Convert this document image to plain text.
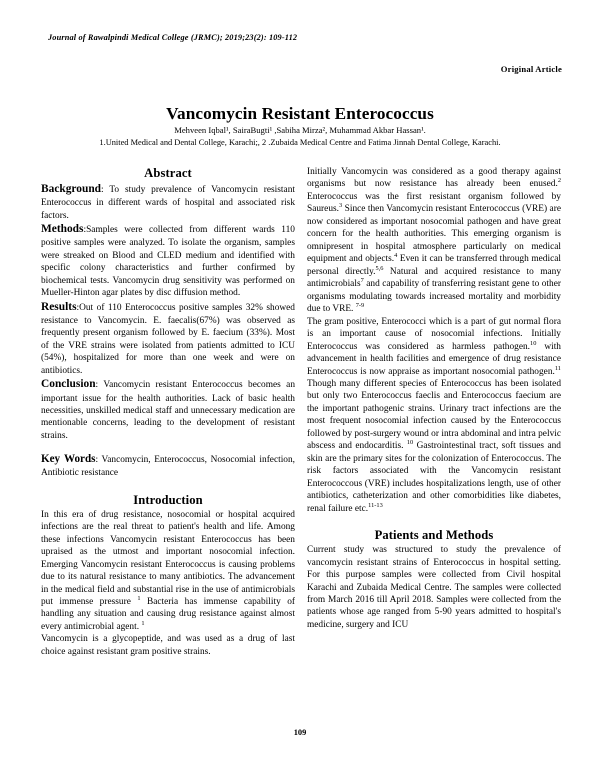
Journal of Rawalpindi Medical College (JRMC); 2019;23(2): 109-112
Original Article
Vancomycin Resistant Enterococcus
Mehveen Iqbal¹, SairaBugti¹ ,Sabiha Mirza², Muhammad Akbar Hassan¹.
1.United Medical and Dental College, Karachi;, 2 .Zubaida Medical Centre and Fatima Jinnah Dental College, Karachi.
Abstract

Background: To study prevalence of Vancomycin resistant Enterococcus in different wards of hospital and associated risk factors.

Methods:Samples were collected from different wards 110 positive samples were analyzed. To isolate the organism, samples were streaked on Blood and CLED medium and identified with specific colony characteristics and further confirmed by biochemical tests. Vancomycin drug sensitivity was performed on Mueller-Hinton agar plates by disc diffusion method.

Results:Out of 110 Enterococcus positive samples 32% showed resistance to Vancomycin. E. faecalis(67%) was observed as frequently present organism followed by E. faecium (33%). Most of the VRE strains were isolated from patients admitted to ICU (54%), hospitalized for more than one week and were on antibiotics.

Conclusion: Vancomycin resistant Enterococcus becomes an important issue for the health authorities. Lack of basic health necessities, unskilled medical staff and unnecessary medication are mentionable concerns, leading to the development of resistant strains.

Key Words: Vancomycin, Enterococcus, Nosocomial infection, Antibiotic resistance

Introduction

In this era of drug resistance, nosocomial or hospital acquired infections are the real threat to patient's health and life. Among these infections Vancomycin resistant Enterococcus has been upraised as the utmost and important nosocomial infection. Emerging Vancomycin resistant Enterococcus is causing problems due to its natural resistance to many antibiotics. The advancement in the medical field and substantial rise in the use of antimicrobials put immense pressure $^1$ Bacteria has immense capability of handling any situation and causing drug resistance against almost every antimicrobial agent. $^1$

Vancomycin is a glycopeptide, and was used as a drug of last choice against resistant gram positive strains.

Initially Vancomycin was considered as a good therapy against organisms but now resistance has already been enused.$^2$ Enterococcus was the first resistant organism followed by Saureus.$^3$ Since then Vancomycin resistant Enterococcus (VRE) are now considered as important nosocomial pathogen and have great concern for the health authorities. This emerging organism is omnipresent in hospital atmosphere particularly on medical equipment and objects.$^4$ Even it can be transferred through medical personal directly.$^{5,6}$ Natural and acquired resistance to many antimicrobials$^7$ and capability of transferring resistant gene to other organisms modulating towards increased mortality and morbidity due to VRE. $^{7-9}$

The gram positive, Enterococci which is a part of gut normal flora is an important cause of nosocomial infections. Initially Enterococcus was considered as harmless pathogen.$^{10}$ with advancement in health facilities and emergence of drug resistance Enterococcus is now appraise as important nosocomial pathogen.$^{11}$ Though many different species of Enterococcus has been isolated but only two Enterococcus faeclis and Enterococcus faecium are the important pathogenic strains. Urinary tract infections are the most frequent nosocomial infection caused by the Enterococcus followed by post-surgery wound or intra abdominal and intra pelvic abscess and endocarditis. $^{10}$ Gastrointestinal tract, soft tissues and skin are the primary sites for the colonization of Enterococcus. The risk factors associated with the Vancomycin resistant Enterococcous (VRE) includes hospitalizations length, use of other antibiotics, catheterization and other comorbidities like diabetes, renal failure etc.$^{11-13}$

Patients and Methods

Current study was structured to study the prevalence of vancomycin resistant strains of Enterococcus in hospital setting. For this purpose samples were collected from Civil hospital Karachi and Zubaida Medical Centre. The samples were collected from March 2016 till April 2018. Samples were collected from the patients whose age ranged from 5-90 years admitted to hospital's medicine, surgery and ICU

109
